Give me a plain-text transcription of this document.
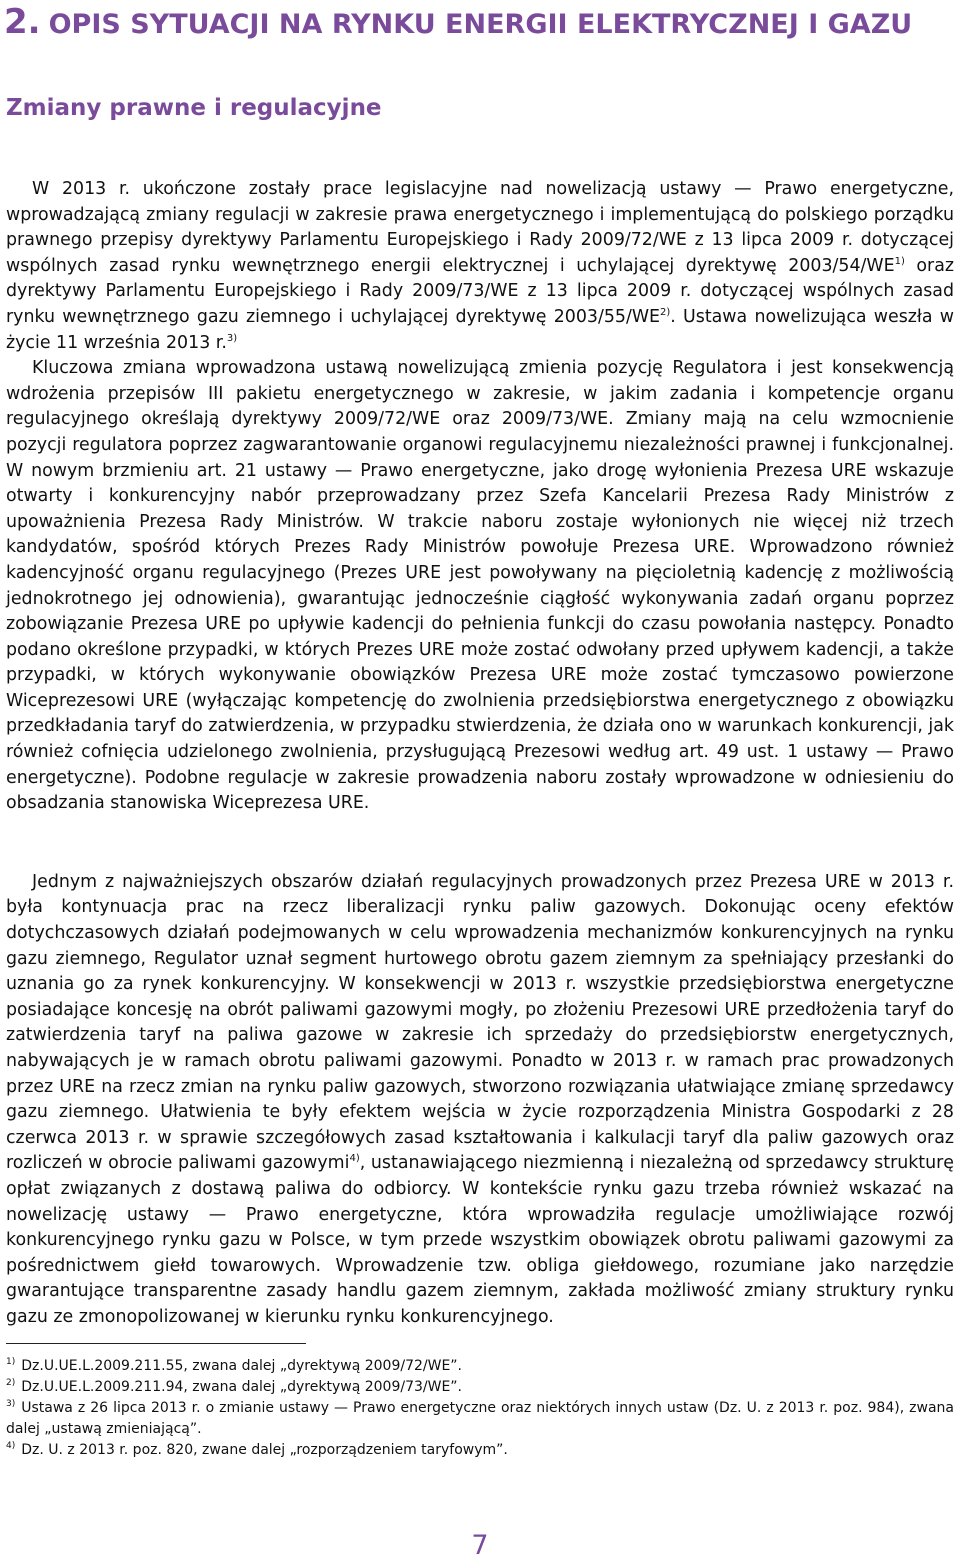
2. OPIS SYTUACJI NA RYNKU ENERGII ELEKTRYCZNEJ I GAZU
Zmiany prawne i regulacyjne

W 2013 r. ukończone zostały prace legislacyjne nad nowelizacją ustawy — Prawo energetyczne, wprowadzającą zmiany regulacji w zakresie prawa energetycznego i implementującą do polskiego porządku prawnego przepisy dyrektywy Parlamentu Europejskiego i Rady 2009/72/WE z 13 lipca 2009 r. dotyczącej wspólnych zasad rynku wewnętrznego energii elektrycznej i uchylającej dyrektywę 2003/54/WE$^{1)}$ oraz dyrektywy Parlamentu Europejskiego i Rady 2009/73/WE z 13 lipca 2009 r. dotyczącej wspólnych zasad rynku wewnętrznego gazu ziemnego i uchylającej dyrektywę 2003/55/WE$^{2)}$. Ustawa nowelizująca weszła w życie 11 września 2013 r.$^{3)}$

Kluczowa zmiana wprowadzona ustawą nowelizującą zmienia pozycję Regulatora i jest konsekwencją wdrożenia przepisów III pakietu energetycznego w zakresie, w jakim zadania i kompetencje organu regulacyjnego określają dyrektywy 2009/72/WE oraz 2009/73/WE. Zmiany mają na celu wzmocnienie pozycji regulatora poprzez zagwarantowanie organowi regulacyjnemu niezależności prawnej i funkcjonalnej. W nowym brzmieniu art. 21 ustawy — Prawo energetyczne, jako drogę wyłonienia Prezesa URE wskazuje otwarty i konkurencyjny nabór przeprowadzany przez Szefa Kancelarii Prezesa Rady Ministrów z upoważnienia Prezesa Rady Ministrów. W trakcie naboru zostaje wyłonionych nie więcej niż trzech kandydatów, spośród których Prezes Rady Ministrów powołuje Prezesa URE. Wprowadzono również kadencyjność organu regulacyjnego (Prezes URE jest powoływany na pięcioletnią kadencję z możliwością jednokrotnego jej odnowienia), gwarantując jednocześnie ciągłość wykonywania zadań organu poprzez zobowiązanie Prezesa URE po upływie kadencji do pełnienia funkcji do czasu powołania następcy. Ponadto podano określone przypadki, w których Prezes URE może zostać odwołany przed upływem kadencji, a także przypadki, w których wykonywanie obowiązków Prezesa URE może zostać tymczasowo powierzone Wiceprezesowi URE (wyłączając kompetencję do zwolnienia przedsiębiorstwa energetycznego z obowiązku przedkładania taryf do zatwierdzenia, w przypadku stwierdzenia, że działa ono w warunkach konkurencji, jak również cofnięcia udzielonego zwolnienia, przysługującą Prezesowi według art. 49 ust. 1 ustawy — Prawo energetyczne). Podobne regulacje w zakresie prowadzenia naboru zostały wprowadzone w odniesieniu do obsadzania stanowiska Wiceprezesa URE.

Jednym z najważniejszych obszarów działań regulacyjnych prowadzonych przez Prezesa URE w 2013 r. była kontynuacja prac na rzecz liberalizacji rynku paliw gazowych. Dokonując oceny efektów dotychczasowych działań podejmowanych w celu wprowadzenia mechanizmów konkurencyjnych na rynku gazu ziemnego, Regulator uznał segment hurtowego obrotu gazem ziemnym za spełniający przesłanki do uznania go za rynek konkurencyjny. W konsekwencji w 2013 r. wszystkie przedsiębiorstwa energetyczne posiadające koncesję na obrót paliwami gazowymi mogły, po złożeniu Prezesowi URE przedłożenia taryf do zatwierdzenia taryf na paliwa gazowe w zakresie ich sprzedaży do przedsiębiorstw energetycznych, nabywających je w ramach obrotu paliwami gazowymi. Ponadto w 2013 r. w ramach prac prowadzonych przez URE na rzecz zmian na rynku paliw gazowych, stworzono rozwiązania ułatwiające zmianę sprzedawcy gazu ziemnego. Ułatwienia te były efektem wejścia w życie rozporządzenia Ministra Gospodarki z 28 czerwca 2013 r. w sprawie szczegółowych zasad kształtowania i kalkulacji taryf dla paliw gazowych oraz rozliczeń w obrocie paliwami gazowymi$^{4)}$, ustanawiającego niezmienną i niezależną od sprzedawcy strukturę opłat związanych z dostawą paliwa do odbiorcy. W kontekście rynku gazu trzeba również wskazać na nowelizację ustawy — Prawo energetyczne, która wprowadziła regulacje umożliwiające rozwój konkurencyjnego rynku gazu w Polsce, w tym przede wszystkim obowiązek obrotu paliwami gazowymi za pośrednictwem giełd towarowych. Wprowadzenie tzw. obliga giełdowego, rozumiane jako narzędzie gwarantujące transparentne zasady handlu gazem ziemnym, zakłada możliwość zmiany struktury rynku gazu ze zmonopolizowanej w kierunku rynku konkurencyjnego.

$^{1)}$ Dz.U.UE.L.2009.211.55, zwana dalej „dyrektywą 2009/72/WE”.

$^{2)}$ Dz.U.UE.L.2009.211.94, zwana dalej „dyrektywą 2009/73/WE”.

$^{3)}$ Ustawa z 26 lipca 2013 r. o zmianie ustawy — Prawo energetyczne oraz niektórych innych ustaw (Dz. U. z 2013 r. poz. 984), zwana dalej „ustawą zmieniającą”.

$^{4)}$ Dz. U. z 2013 r. poz. 820, zwane dalej „rozporządzeniem taryfowym”.

7
